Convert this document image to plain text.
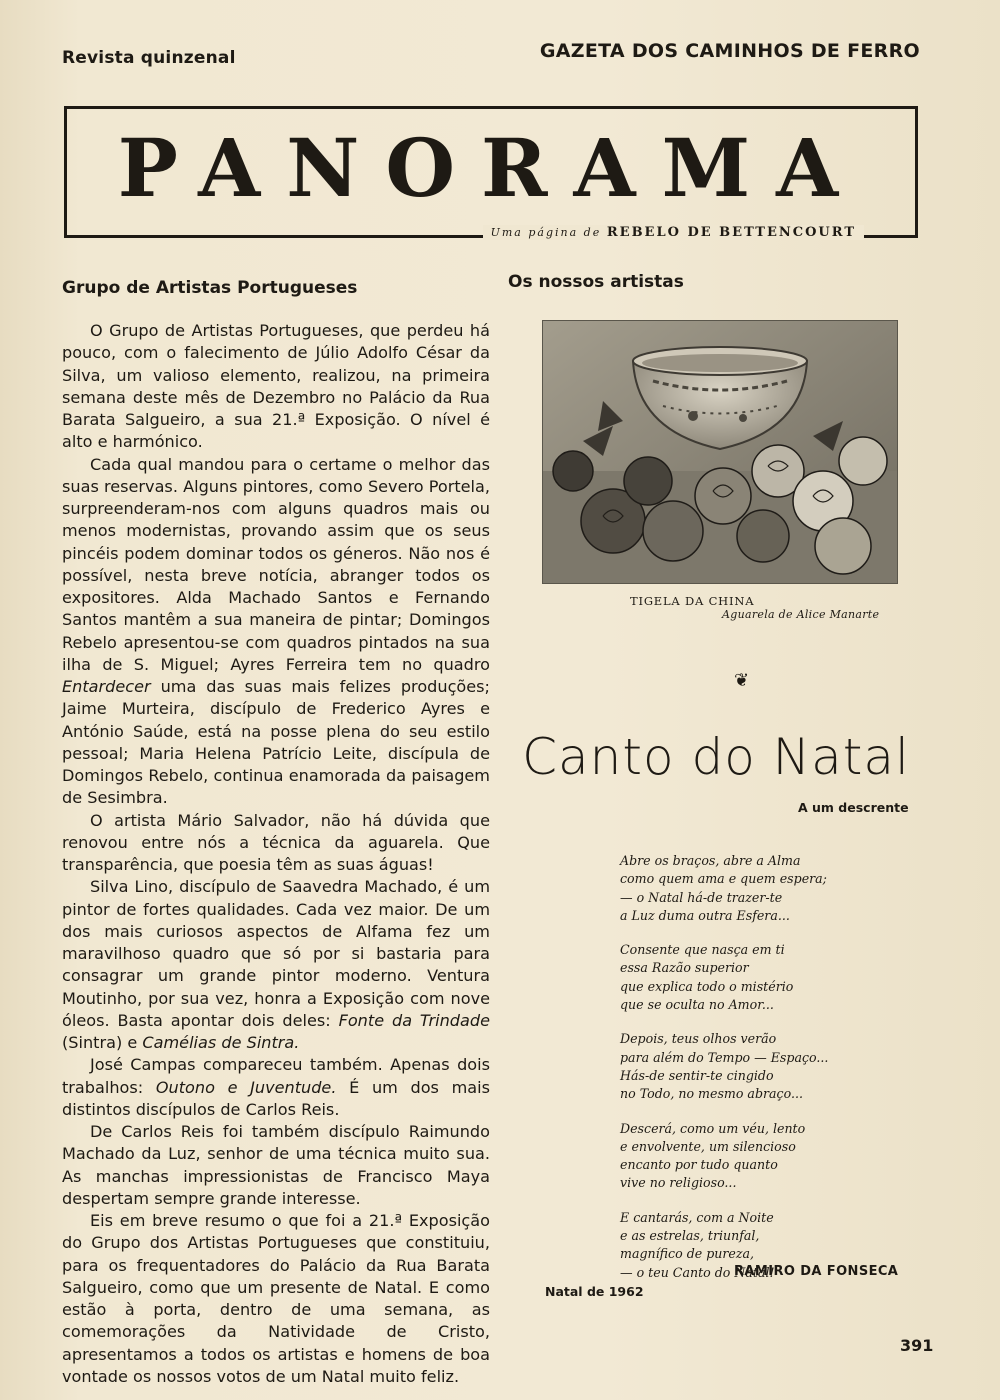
Revista quinzenal	GAZETA DOS CAMINHOS DE FERRO
PANORAMA
Uma página de REBELO DE BETTENCOURT
Grupo de Artistas Portugueses

O Grupo de Artistas Portugueses, que perdeu há pouco, com o falecimento de Júlio Adolfo César da Silva, um valioso elemento, realizou, na primeira semana deste mês de Dezembro no Palácio da Rua Barata Salgueiro, a sua 21.ª Exposição. O nível é alto e harmónico.

Cada qual mandou para o certame o melhor das suas reservas. Alguns pintores, como Severo Portela, surpreenderam-nos com alguns quadros mais ou menos modernistas, provando assim que os seus pincéis podem dominar todos os géneros. Não nos é possível, nesta breve notícia, abranger todos os expositores. Alda Machado Santos e Fernando Santos mantêm a sua maneira de pintar; Domingos Rebelo apresentou-se com quadros pintados na sua ilha de S. Miguel; Ayres Ferreira tem no quadro Entardecer uma das suas mais felizes produções; Jaime Murteira, discípulo de Frederico Ayres e António Saúde, está na posse plena do seu estilo pessoal; Maria Helena Patrício Leite, discípula de Domingos Rebelo, continua enamorada da paisagem de Sesimbra.

O artista Mário Salvador, não há dúvida que renovou entre nós a técnica da aguarela. Que transparência, que poesia têm as suas águas!

Silva Lino, discípulo de Saavedra Machado, é um pintor de fortes qualidades. Cada vez maior. De um dos mais curiosos aspectos de Alfama fez um maravilhoso quadro que só por si bastaria para consagrar um grande pintor moderno. Ventura Moutinho, por sua vez, honra a Exposição com nove óleos. Basta apontar dois deles: Fonte da Trindade (Sintra) e Camélias de Sintra.

José Campas compareceu também. Apenas dois trabalhos: Outono e Juventude. É um dos mais distintos discípulos de Carlos Reis.

De Carlos Reis foi também discípulo Raimundo Machado da Luz, senhor de uma técnica muito sua. As manchas impressionistas de Francisco Maya despertam sempre grande interesse.

Eis em breve resumo o que foi a 21.ª Exposição do Grupo dos Artistas Portugueses que constituiu, para os frequentadores do Palácio da Rua Barata Salgueiro, como que um presente de Natal. E como estão à porta, dentro de uma semana, as comemorações da Natividade de Cristo, apresentamos a todos os artistas e homens de boa vontade os nossos votos de um Natal muito feliz.

Os nossos artistas
TIGELA DA CHINA
Aguarela de Alice Manarte
❦
Canto do Natal
A um descrente
Abre os braços, abre a Alma
como quem ama e quem espera;
— o Natal há-de trazer-te
a Luz duma outra Esfera...
Consente que nasça em ti
essa Razão superior
que explica todo o mistério
que se oculta no Amor...
Depois, teus olhos verão
para além do Tempo — Espaço...
Hás-de sentir-te cingido
no Todo, no mesmo abraço...
Descerá, como um véu, lento
e envolvente, um silencioso
encanto por tudo quanto
vive no religioso...
E cantarás, com a Noite
e as estrelas, triunfal,
magnífico de pureza,
— o teu Canto do Natal!
RAMIRO DA FONSECA
Natal de 1962
391
